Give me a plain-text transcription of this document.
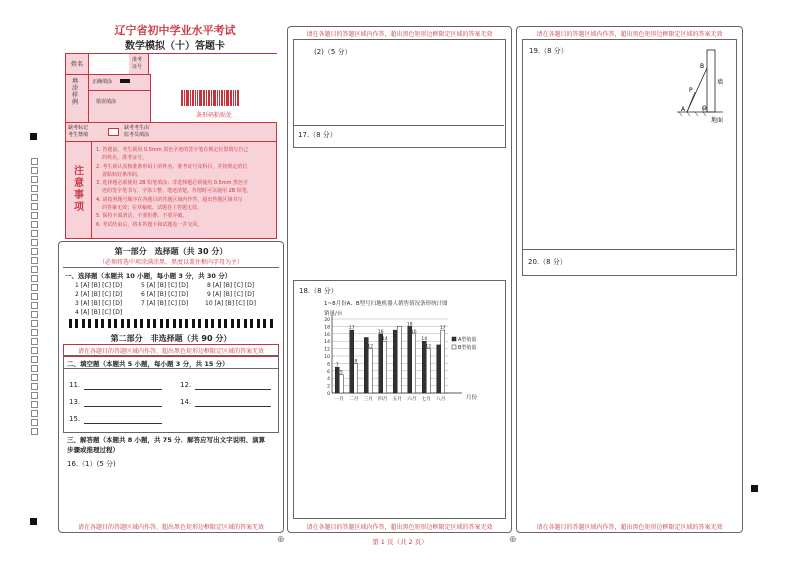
辽宁省初中学业水平考试
数学模拟（十）答题卡
姓名
准考
证号
填
涂
样
例
正确填涂
错误填涂
条形码粘贴处
缺考标记
考生禁填
缺考考生由
监考员填涂
注
意
事
项

1. 答题前，考生须用 0.5mm 黑色字迹的签字笔在规定位置填写自己

的姓名、准考证号。

2. 考生须认真核准条形码上的姓名、准考证号及科目，并按规定的位

置粘贴好条形码。

3. 选择题必须使用 2B 铅笔填涂；非选择题必须使用 0.5mm 黑色字

迹的签字笔书写，字体工整、笔迹清楚。作图时可以使用 2B 铅笔。

4. 请按照题号顺序在各题目的答题区域内作答，超出答题区域书写

的答案无效；在草稿纸、试题卷上答题无效。

5. 保持卡面清洁，不要折叠、不要弄破。

6. 考试结束后，将本答题卡和试题卷一并交回。

第一部分　选择题（共 30 分）
（必须将选中项涂满涂黑，黑度以盖住框内字母为主）
一、选择题（本题共 10 小题，每小题 3 分，共 30 分）
1 [A] [B] [C] [D]	5 [A] [B] [C] [D]	8 [A] [B] [C] [D]
2 [A] [B] [C] [D]	6 [A] [B] [C] [D]	9 [A] [B] [C] [D]
3 [A] [B] [C] [D]	7 [A] [B] [C] [D]	10 [A] [B] [C] [D]
4 [A] [B] [C] [D]
第二部分　非选择题（共 90 分）
请在各题目的答题区域内作答，超出黑色矩形边框限定区域的答案无效
二、填空题（本题共 5 小题，每小题 3 分，共 15 分）
11.	12.
13.	14.
15.
三、解答题（本题共 8 小题，共 75 分．解答应写出文字说明、演算
步骤或推理过程）
16.（1）(5 分)
请在各题目的答题区域内作答，超出黑色矩形边框限定区域的答案无效
请在各题目的答题区域内作答，超出黑色矩形边框限定区域的答案无效
(2)（5 分）
17.（8 分）
18.（8 分）
1~8月份A、B型号扫地机器人销售情况条形统计图
销量/台
月份
0
2
4
6
8
10
12
14
16
18
20
7
5
一月
17
8
二月
12
三月
16
14
四月 五月
18
16
六月
14
12
七月
17
八月
A型销量
B型销量
请在各题目的答题区域内作答，超出黑色矩形边框限定区域的答案无效
请在各题目的答题区域内作答，超出黑色矩形边框限定区域的答案无效
19.（8 分）
A
B
P
O
墙
地面
20.（8 分）
请在各题目的答题区域内作答，超出黑色矩形边框限定区域的答案无效
⊕	⊕
第 1 页（共 2 页）
